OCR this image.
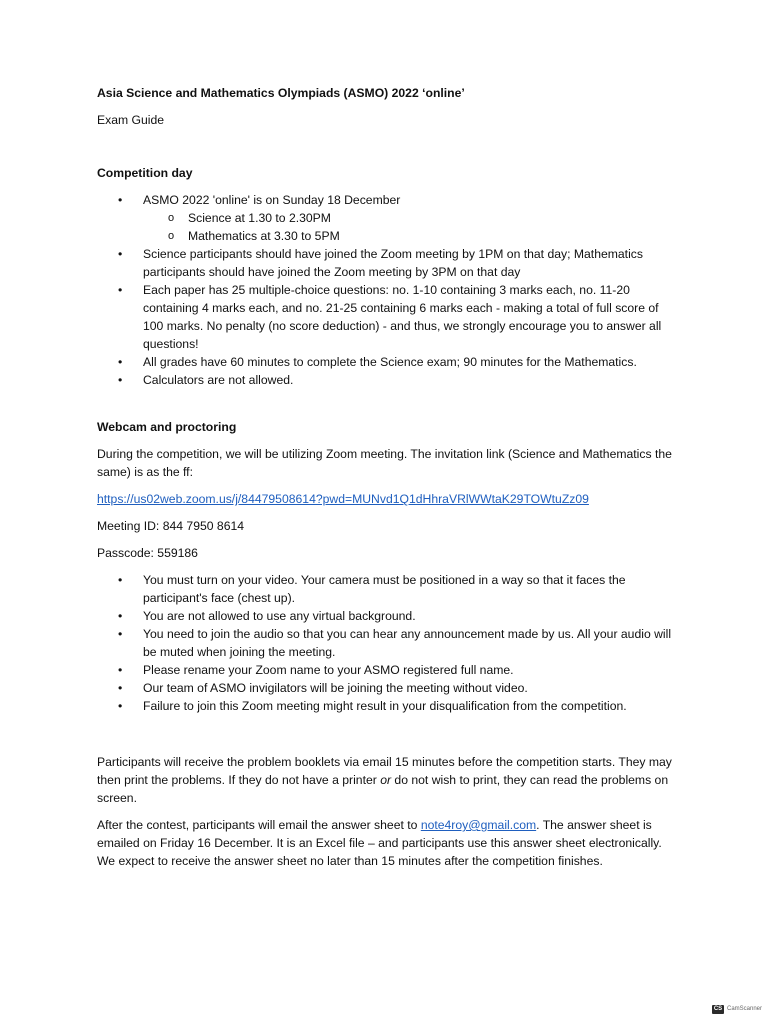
Asia Science and Mathematics Olympiads (ASMO) 2022 ‘online’

Exam Guide

Competition day

• ASMO 2022 'online' is on Sunday 18 December
o Science at 1.30 to 2.30PM
o Mathematics at 3.30 to 5PM
• Science participants should have joined the Zoom meeting by 1PM on that day; Mathematics participants should have joined the Zoom meeting by 3PM on that day
• Each paper has 25 multiple-choice questions: no. 1-10 containing 3 marks each, no. 11-20 containing 4 marks each, and no. 21-25 containing 6 marks each - making a total of full score of 100 marks. No penalty (no score deduction) - and thus, we strongly encourage you to answer all questions!
• All grades have 60 minutes to complete the Science exam; 90 minutes for the Mathematics.
• Calculators are not allowed.

Webcam and proctoring

During the competition, we will be utilizing Zoom meeting. The invitation link (Science and Mathematics the same) is as the ff:

https://us02web.zoom.us/j/84479508614?pwd=MUNvd1Q1dHhraVRlWWtaK29TOWtuZz09

Meeting ID: 844 7950 8614

Passcode: 559186

• You must turn on your video. Your camera must be positioned in a way so that it faces the participant's face (chest up).
• You are not allowed to use any virtual background.
• You need to join the audio so that you can hear any announcement made by us. All your audio will be muted when joining the meeting.
• Please rename your Zoom name to your ASMO registered full name.
• Our team of ASMO invigilators will be joining the meeting without video.
• Failure to join this Zoom meeting might result in your disqualification from the competition.

Participants will receive the problem booklets via email 15 minutes before the competition starts. They may then print the problems. If they do not have a printer or do not wish to print, they can read the problems on screen.

After the contest, participants will email the answer sheet to note4roy@gmail.com. The answer sheet is emailed on Friday 16 December. It is an Excel file – and participants use this answer sheet electronically. We expect to receive the answer sheet no later than 15 minutes after the competition finishes.

CS CamScanner
